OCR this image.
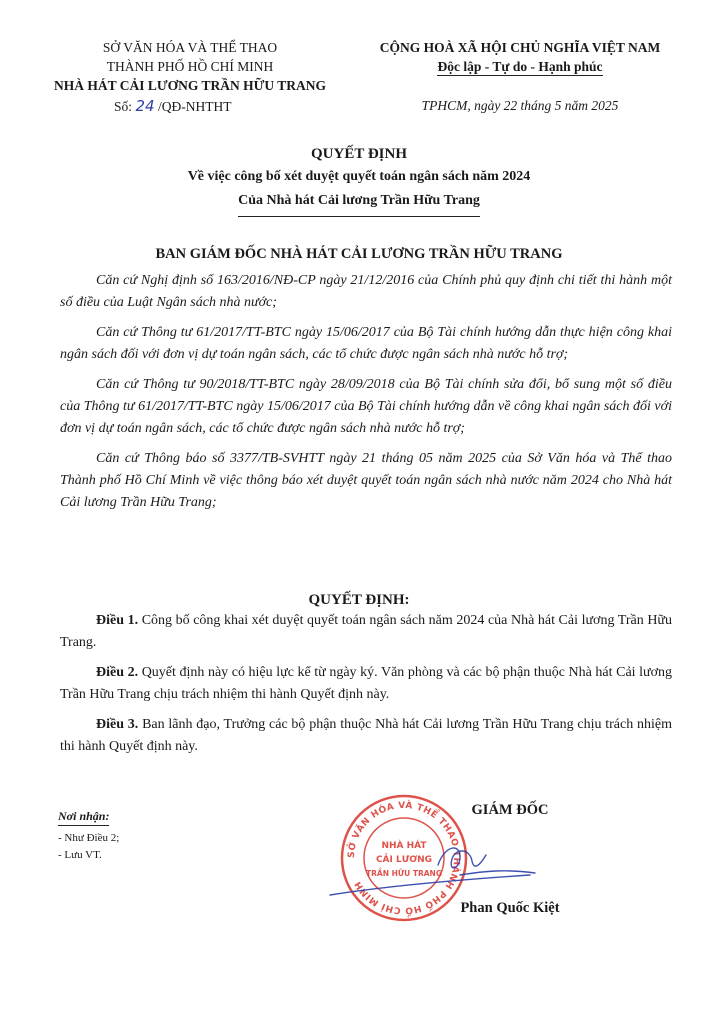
SỞ VĂN HÓA VÀ THỂ THAO
THÀNH PHỐ HỒ CHÍ MINH
NHÀ HÁT CẢI LƯƠNG TRẦN HỮU TRANG
Số: 24 /QĐ-NHTHT
CỘNG HOÀ XÃ HỘI CHỦ NGHĨA VIỆT NAM
Độc lập - Tự do - Hạnh phúc
TPHCM, ngày 22 tháng 5 năm 2025
QUYẾT ĐỊNH
Về việc công bố xét duyệt quyết toán ngân sách năm 2024
Của Nhà hát Cải lương Trần Hữu Trang
BAN GIÁM ĐỐC NHÀ HÁT CẢI LƯƠNG TRẦN HỮU TRANG

Căn cứ Nghị định số 163/2016/NĐ-CP ngày 21/12/2016 của Chính phủ quy định chi tiết thi hành một số điều của Luật Ngân sách nhà nước;

Căn cứ Thông tư 61/2017/TT-BTC ngày 15/06/2017 của Bộ Tài chính hướng dẫn thực hiện công khai ngân sách đối với đơn vị dự toán ngân sách, các tổ chức được ngân sách nhà nước hỗ trợ;

Căn cứ Thông tư 90/2018/TT-BTC ngày 28/09/2018 của Bộ Tài chính sửa đổi, bổ sung một số điều của Thông tư 61/2017/TT-BTC ngày 15/06/2017 của Bộ Tài chính hướng dẫn về công khai ngân sách đối với đơn vị dự toán ngân sách, các tổ chức được ngân sách nhà nước hỗ trợ;

Căn cứ Thông báo số 3377/TB-SVHTT ngày 21 tháng 05 năm 2025 của Sở Văn hóa và Thể thao Thành phố Hồ Chí Minh về việc thông báo xét duyệt quyết toán ngân sách nhà nước năm 2024 cho Nhà hát Cải lương Trần Hữu Trang;

QUYẾT ĐỊNH:

Điều 1. Công bố công khai xét duyệt quyết toán ngân sách năm 2024 của Nhà hát Cải lương Trần Hữu Trang.

Điều 2. Quyết định này có hiệu lực kể từ ngày ký. Văn phòng và các bộ phận thuộc Nhà hát Cải lương Trần Hữu Trang chịu trách nhiệm thi hành Quyết định này.

Điều 3. Ban lãnh đạo, Trưởng các bộ phận thuộc Nhà hát Cải lương Trần Hữu Trang chịu trách nhiệm thi hành Quyết định này.

Nơi nhận:
- Như Điều 2;
- Lưu VT.
GIÁM ĐỐC
SỞ VĂN HÓA VÀ THỂ THAO THÀNH PHỐ HỒ CHÍ MINH
NHÀ HÁT
CẢI LƯƠNG
TRẦN HỮU TRANG
Phan Quốc Kiệt
